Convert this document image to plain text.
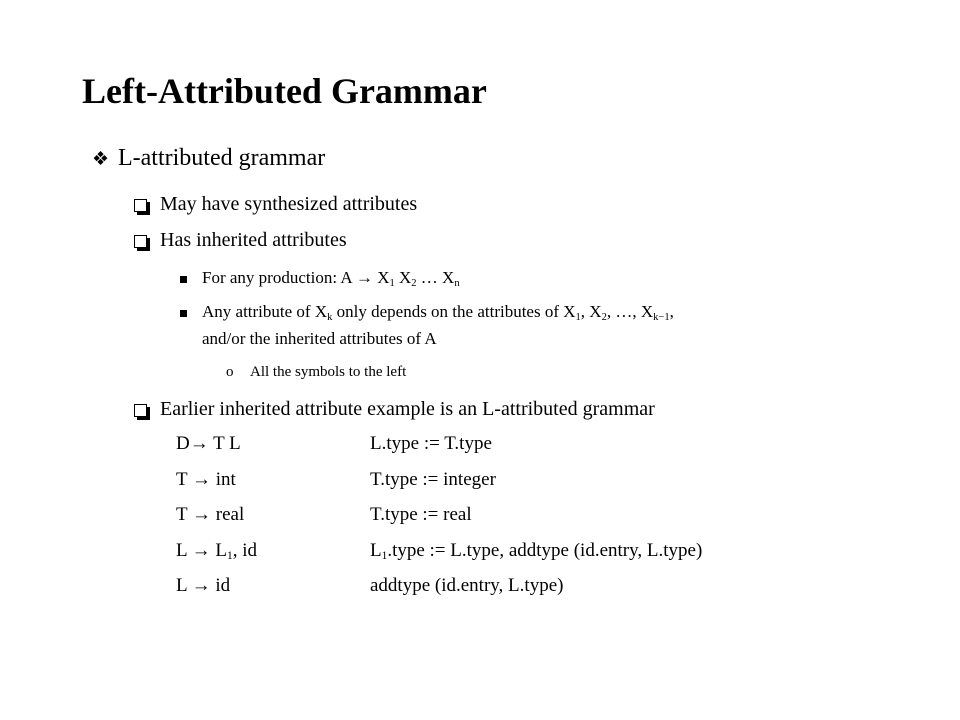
Left-Attributed Grammar
❖ L-attributed grammar
May have synthesized attributes
Has inherited attributes
For any production: $A \to X_1$ $X_2$ … $X_n$
Any attribute of $X_k$ only depends on the attributes of $X_1$, $X_2$, …, $X_{k-1}$,
and/or the inherited attributes of A
o All the symbols to the left
Earlier inherited attribute example is an L-attributed grammar
D→ T L	L.type := T.type
T → int	T.type := integer
T → real	T.type := real
$L \to L_1$, id	$L_1.type$ := L.type, addtype (id.entry, L.type)
L → id	addtype (id.entry, L.type)
